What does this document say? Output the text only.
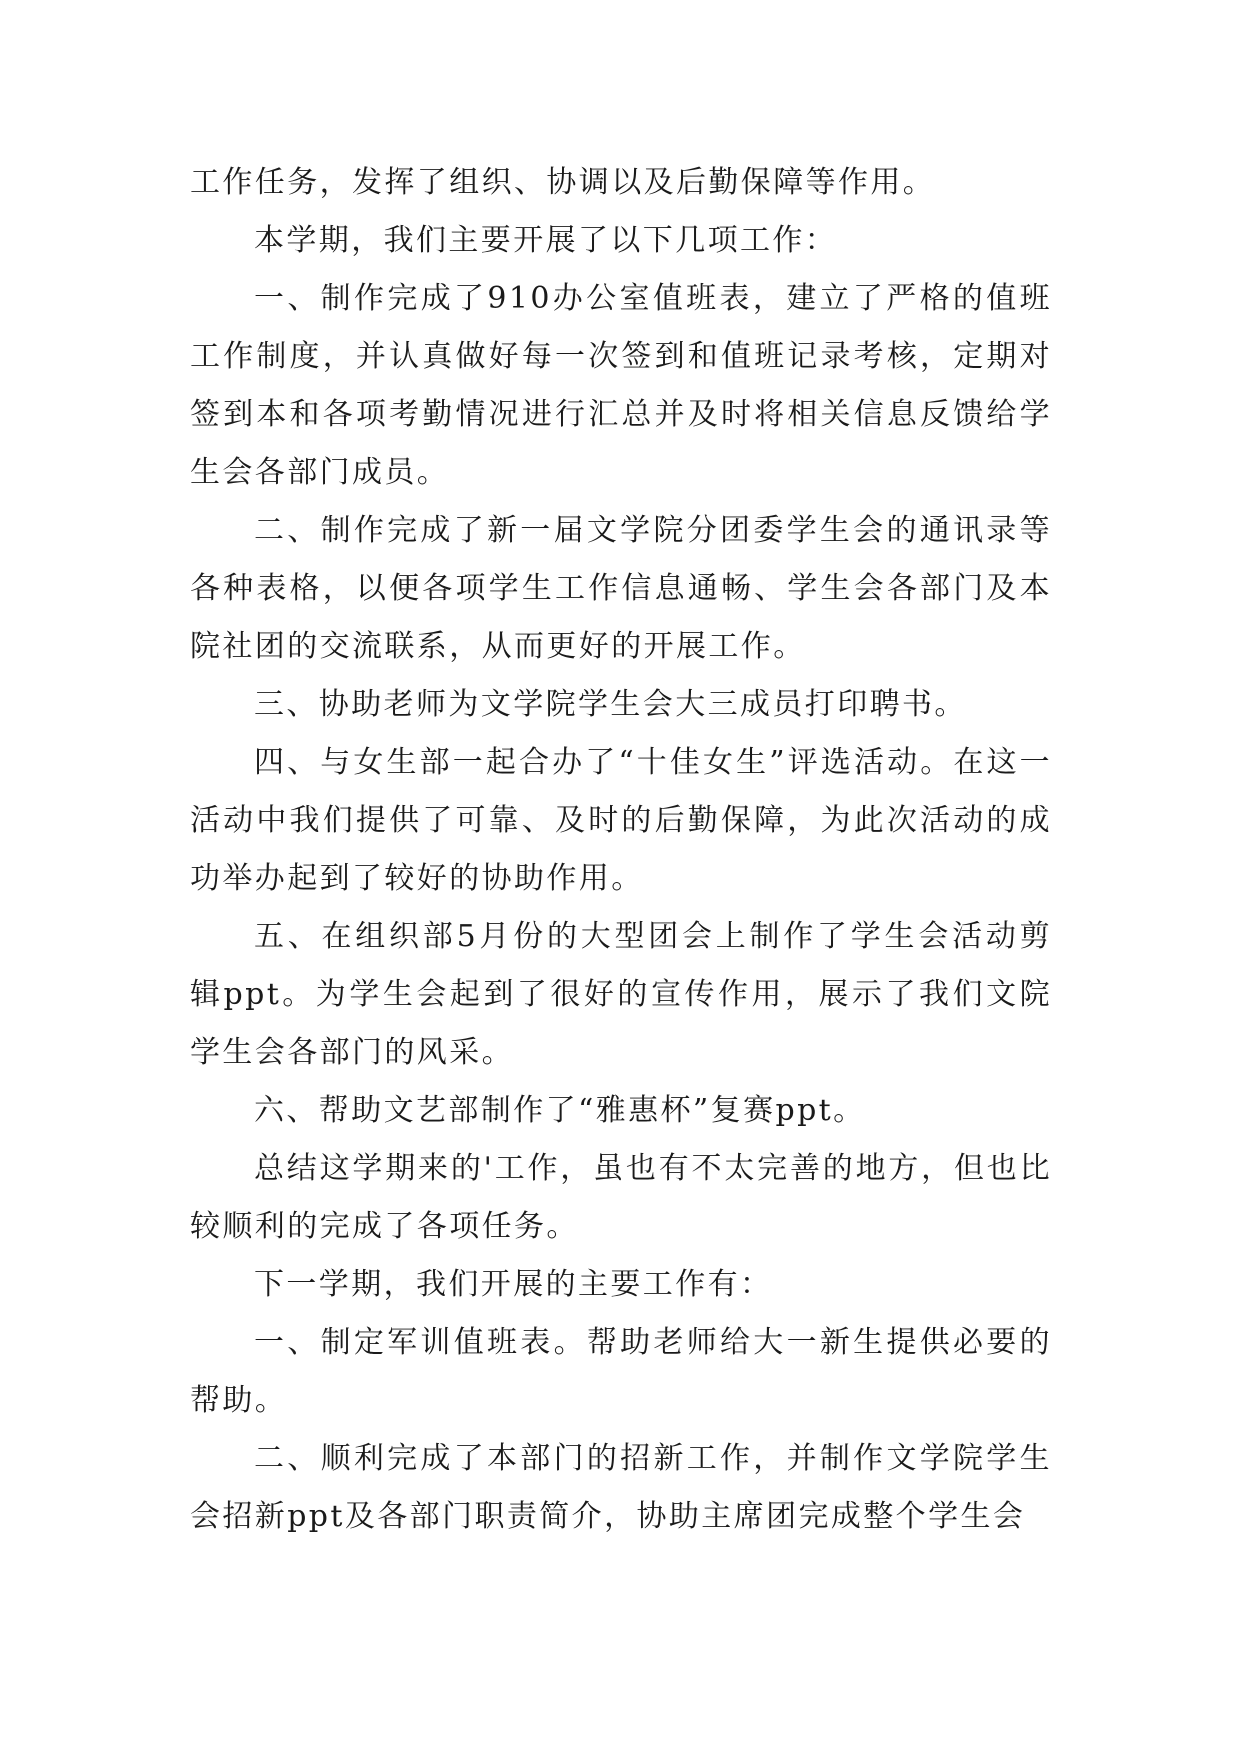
工作任务，发挥了组织、协调以及后勤保障等作用。

本学期，我们主要开展了以下几项工作：

一、制作完成了910办公室值班表，建立了严格的值班工作制度，并认真做好每一次签到和值班记录考核，定期对签到本和各项考勤情况进行汇总并及时将相关信息反馈给学生会各部门成员。

二、制作完成了新一届文学院分团委学生会的通讯录等各种表格，以便各项学生工作信息通畅、学生会各部门及本院社团的交流联系，从而更好的开展工作。

三、协助老师为文学院学生会大三成员打印聘书。

四、与女生部一起合办了“十佳女生”评选活动。在这一活动中我们提供了可靠、及时的后勤保障，为此次活动的成功举办起到了较好的协助作用。

五、在组织部5月份的大型团会上制作了学生会活动剪辑ppt。为学生会起到了很好的宣传作用，展示了我们文院学生会各部门的风采。

六、帮助文艺部制作了“雅惠杯”复赛ppt。

总结这学期来的'工作，虽也有不太完善的地方，但也比较顺利的完成了各项任务。

下一学期，我们开展的主要工作有：

一、制定军训值班表。帮助老师给大一新生提供必要的帮助。

二、顺利完成了本部门的招新工作，并制作文学院学生会招新ppt及各部门职责简介，协助主席团完成整个学生会
